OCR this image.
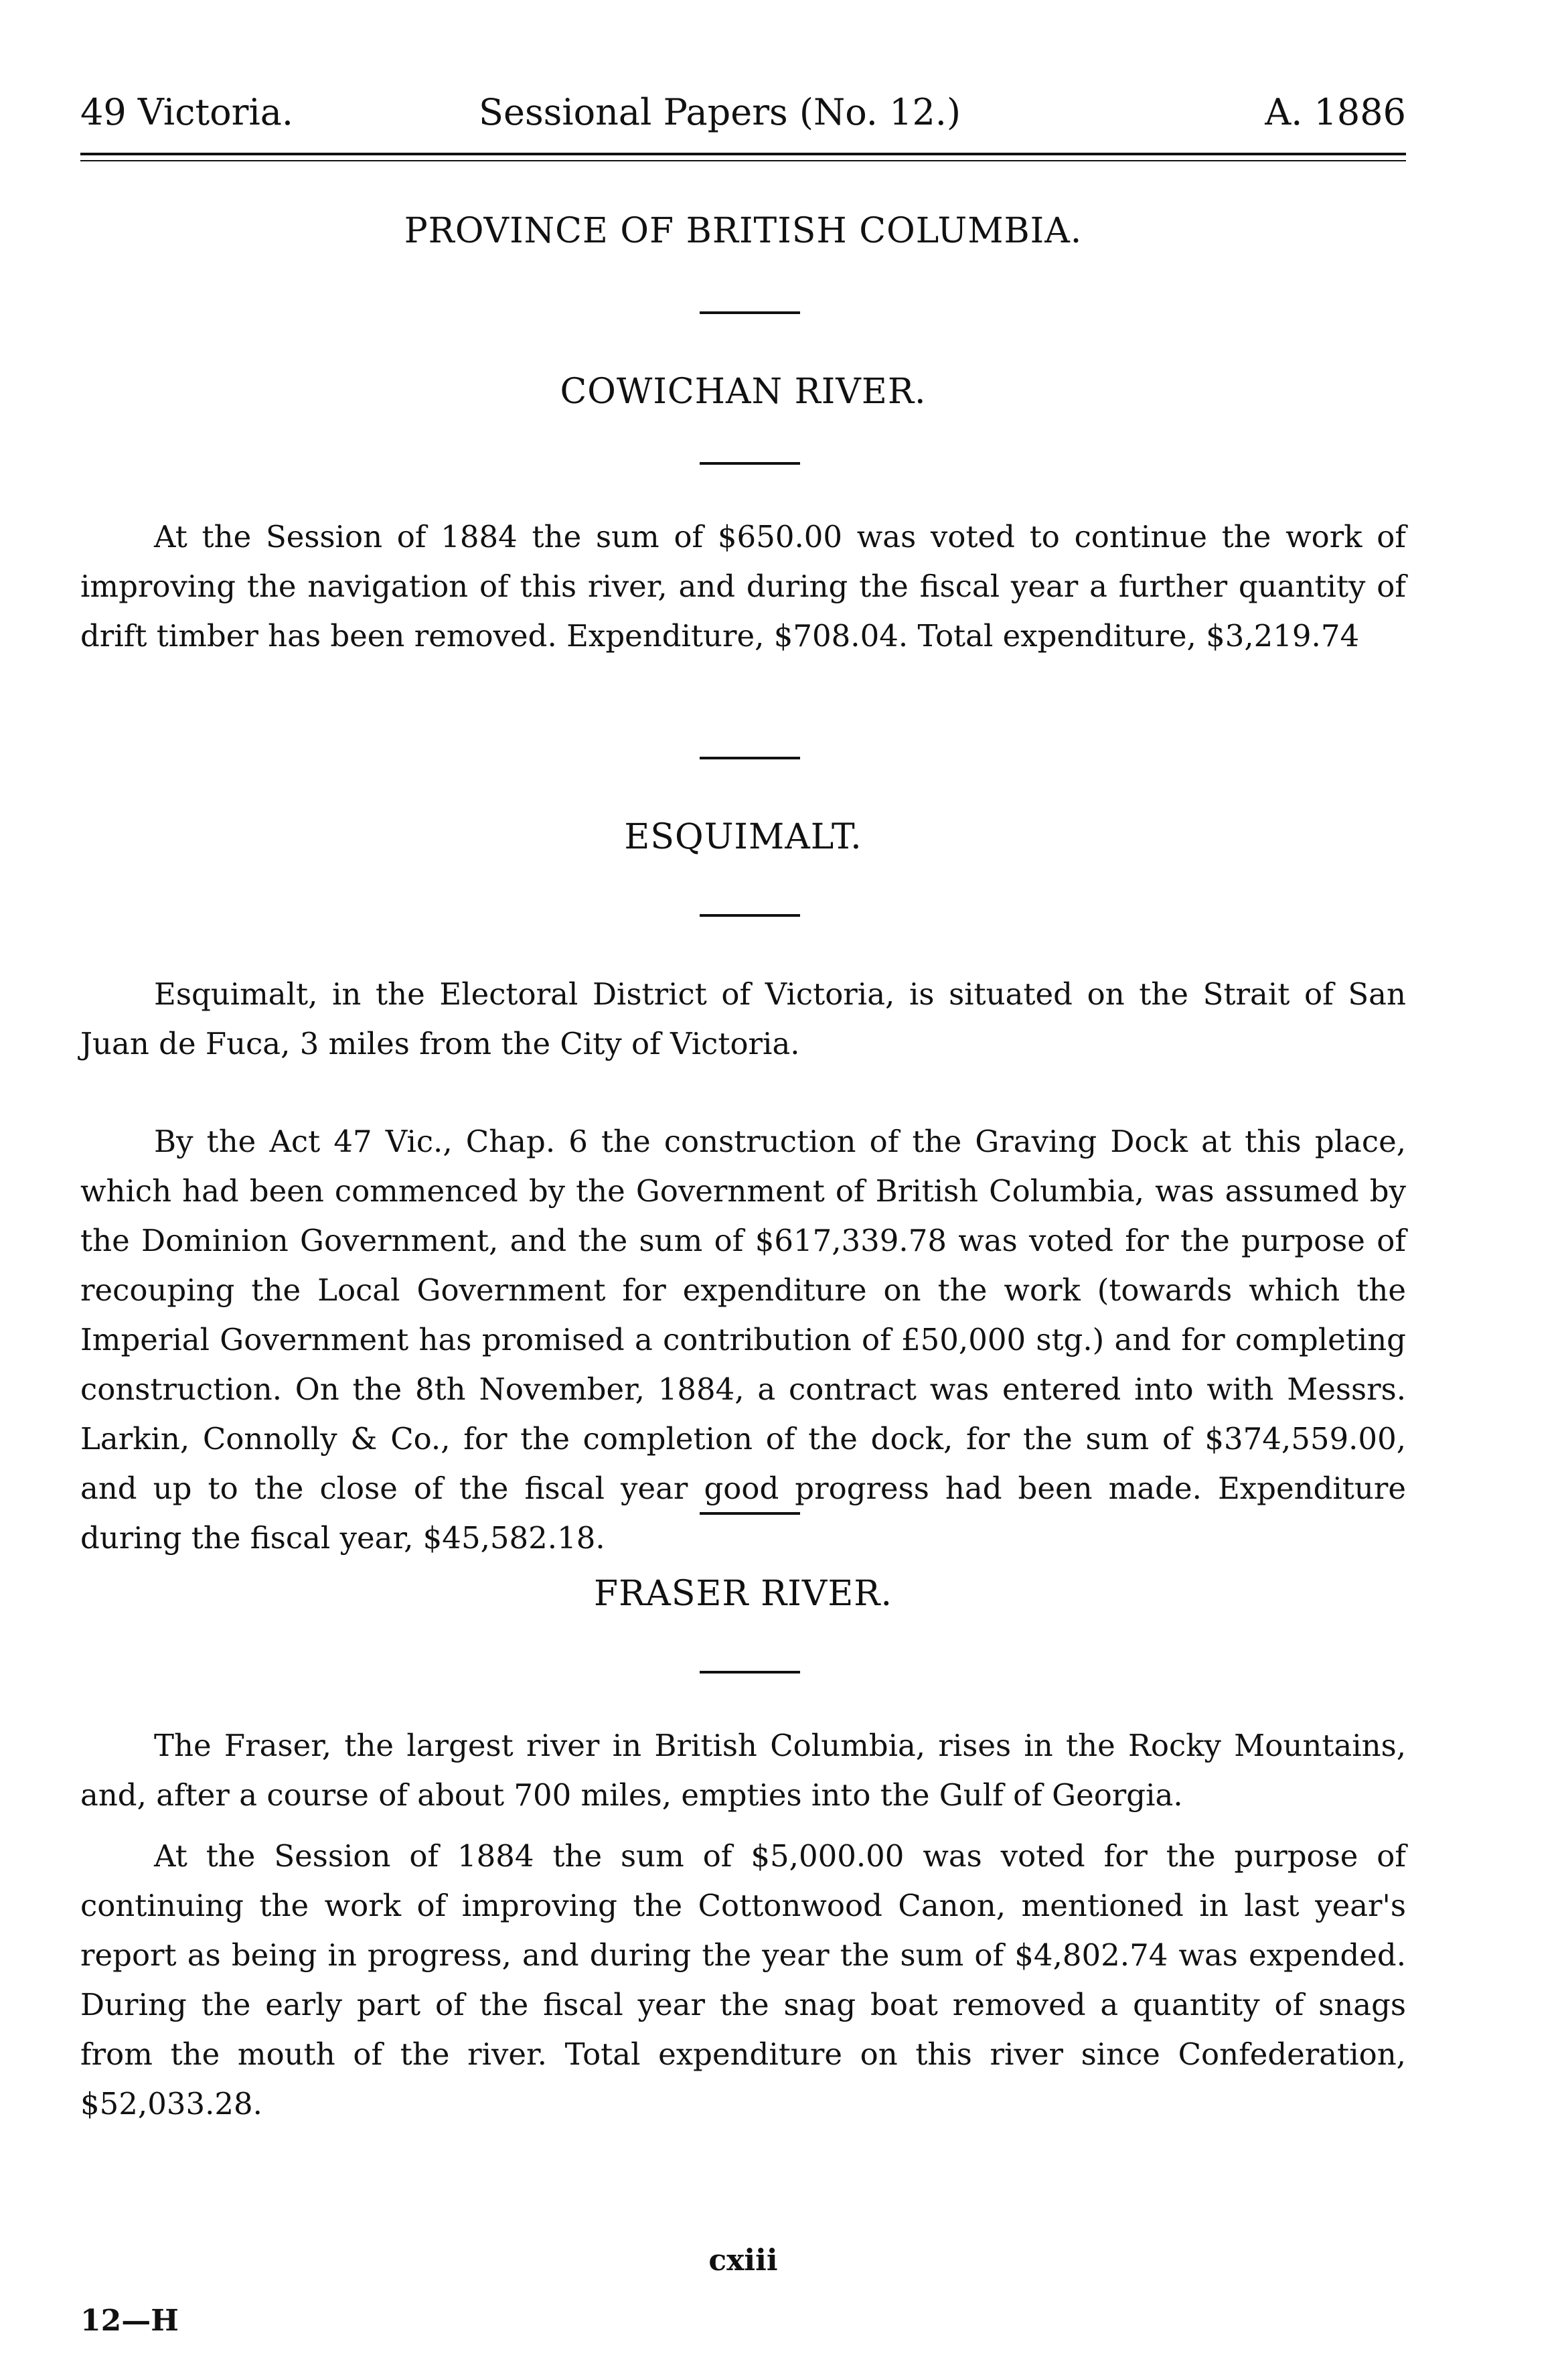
49 Victoria.	Sessional Papers (No. 12.)	A. 1886
PROVINCE OF BRITISH COLUMBIA.
COWICHAN RIVER.
At the Session of 1884 the sum of $650.00 was voted to continue the work of improving the navigation of this river, and during the fiscal year a further quantity of drift timber has been removed. Expenditure, $708.04. Total expenditure, $3,219.74
ESQUIMALT.
Esquimalt, in the Electoral District of Victoria, is situated on the Strait of San Juan de Fuca, 3 miles from the City of Victoria.
By the Act 47 Vic., Chap. 6 the construction of the Graving Dock at this place, which had been commenced by the Government of British Columbia, was assumed by the Dominion Government, and the sum of $617,339.78 was voted for the purpose of recouping the Local Government for expenditure on the work (towards which the Imperial Government has promised a contribution of £50,000 stg.) and for completing construction. On the 8th November, 1884, a contract was entered into with Messrs. Larkin, Connolly & Co., for the completion of the dock, for the sum of $374,559.00, and up to the close of the fiscal year good progress had been made. Expenditure during the fiscal year, $45,582.18.
FRASER RIVER.
The Fraser, the largest river in British Columbia, rises in the Rocky Mountains, and, after a course of about 700 miles, empties into the Gulf of Georgia.
At the Session of 1884 the sum of $5,000.00 was voted for the purpose of continuing the work of improving the Cottonwood Canon, mentioned in last year's report as being in progress, and during the year the sum of $4,802.74 was expended. During the early part of the fiscal year the snag boat removed a quantity of snags from the mouth of the river. Total expenditure on this river since Confederation, $52,033.28.
cxiii
12—H
